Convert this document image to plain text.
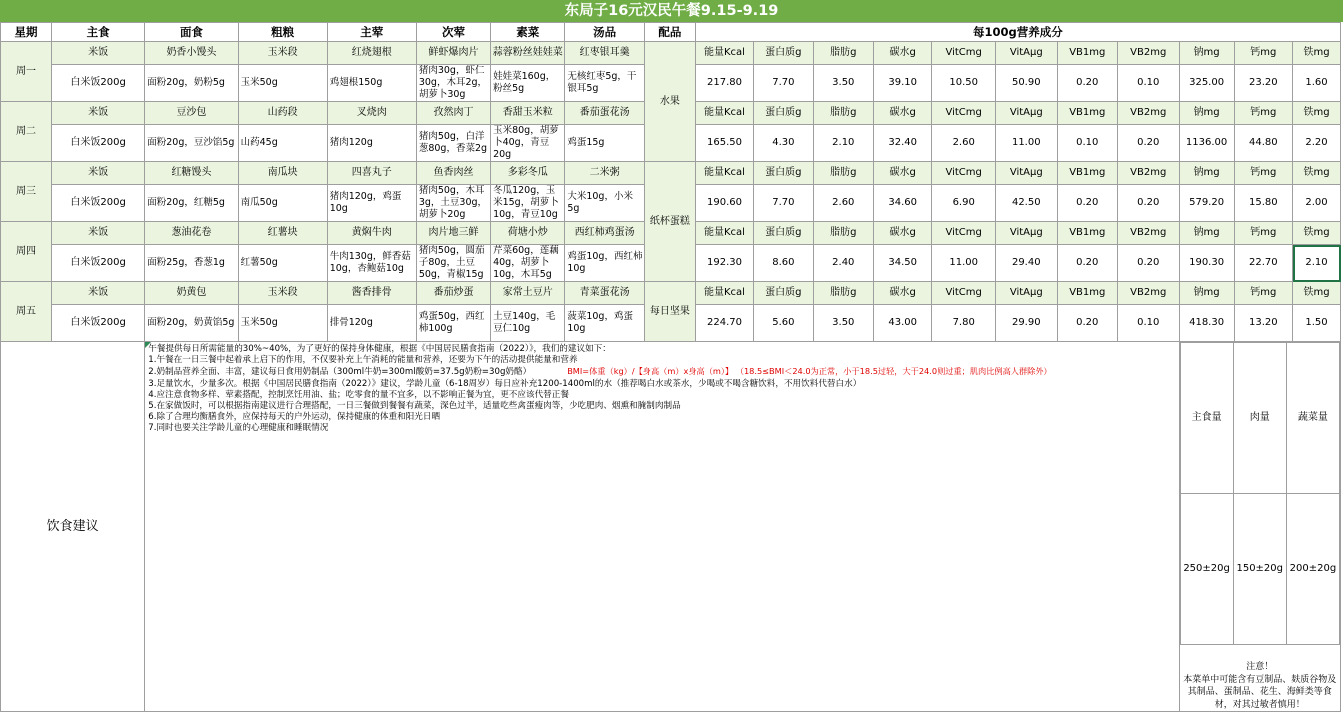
东局子16元汉民午餐9.15-9.19
星期	主食	面食	粗粮	主荤	次荤	素菜	汤品	配品	每100g营养成分
周一	米饭	奶香小馒头	玉米段	红烧翅根	鲜虾爆肉片	蒜蓉粉丝娃娃菜	红枣银耳羹	水果	能量Kcal	蛋白质g	脂肪g	碳水g	VitCmg	VitAμg	VB1mg	VB2mg	钠mg	钙mg	铁mg
白米饭200g	面粉20g，奶粉5g	玉米50g	鸡翅根150g	猪肉30g，虾仁30g，木耳2g，胡萝卜30g	娃娃菜160g，粉丝5g	无核红枣5g，干银耳5g	217.80	7.70	3.50	39.10	10.50	50.90	0.20	0.10	325.00	23.20	1.60
周二	米饭	豆沙包	山药段	叉烧肉	孜然肉丁	香甜玉米粒	番茄蛋花汤	能量Kcal	蛋白质g	脂肪g	碳水g	VitCmg	VitAμg	VB1mg	VB2mg	钠mg	钙mg	铁mg
白米饭200g	面粉20g，豆沙馅5g	山药45g	猪肉120g	猪肉50g，白洋葱80g，香菜2g	玉米80g，胡萝卜40g，青豆20g	鸡蛋15g	165.50	4.30	2.10	32.40	2.60	11.00	0.10	0.20	1136.00	44.80	2.20
周三	米饭	红糖馒头	南瓜块	四喜丸子	鱼香肉丝	多彩冬瓜	二米粥	纸杯蛋糕	能量Kcal	蛋白质g	脂肪g	碳水g	VitCmg	VitAμg	VB1mg	VB2mg	钠mg	钙mg	铁mg
白米饭200g	面粉20g，红糖5g	南瓜50g	猪肉120g，鸡蛋10g	猪肉50g，木耳3g，土豆30g，胡萝卜20g	冬瓜120g，玉米15g，胡萝卜10g，青豆10g	大米10g，小米5g	190.60	7.70	2.60	34.60	6.90	42.50	0.20	0.20	579.20	15.80	2.00
周四	米饭	葱油花卷	红薯块	黄焖牛肉	肉片地三鲜	荷塘小炒	西红柿鸡蛋汤	能量Kcal	蛋白质g	脂肪g	碳水g	VitCmg	VitAμg	VB1mg	VB2mg	钠mg	钙mg	铁mg
白米饭200g	面粉25g，香葱1g	红薯50g	牛肉130g，鲜香菇10g，杏鲍菇10g	猪肉50g，圆茄子80g，土豆50g，青椒15g	芹菜60g，莲藕40g，胡萝卜10g，木耳5g	鸡蛋10g，西红柿10g	192.30	8.60	2.40	34.50	11.00	29.40	0.20	0.20	190.30	22.70	2.10
周五	米饭	奶黄包	玉米段	酱香排骨	番茄炒蛋	家常土豆片	青菜蛋花汤	每日坚果	能量Kcal	蛋白质g	脂肪g	碳水g	VitCmg	VitAμg	VB1mg	VB2mg	钠mg	钙mg	铁mg
白米饭200g	面粉20g，奶黄馅5g	玉米50g	排骨120g	鸡蛋50g，西红柿100g	土豆140g，毛豆仁10g	菠菜10g，鸡蛋10g	224.70	5.60	3.50	43.00	7.80	29.90	0.20	0.10	418.30	13.20	1.50
饮食建议	
午餐提供每日所需能量的30%~40%，为了更好的保持身体健康，根据《中国居民膳食指南（2022）》，我们的建议如下：
1.午餐在一日三餐中起着承上启下的作用，不仅要补充上午消耗的能量和营养，还要为下午的活动提供能量和营养
2.奶制品营养全面、丰富，建议每日食用奶制品（300ml牛奶=300ml酸奶=37.5g奶粉=30g奶酪）	BMI=体重（kg）/【身高（m）x身高（m）】 （18.5≤BMI＜24.0为正常，小于18.5过轻，大于24.0则过重；肌肉比例高人群除外）
3.足量饮水，少量多次。根据《中国居民膳食指南（2022）》建议，学龄儿童（6-18周岁）每日应补充1200-1400ml的水（推荐喝白水或茶水，少喝或不喝含糖饮料，不用饮料代替白水）
4.应注意食物多样、荤素搭配，控制烹饪用油、盐；吃零食的量不宜多，以不影响正餐为宜，更不应该代替正餐
5.在家做饭时，可以根据指南建议进行合理搭配，一日三餐做到餐餐有蔬菜，深色过半，适量吃些禽蛋瘦肉等，少吃肥肉、烟熏和腌制肉制品
6.除了合理均衡膳食外，应保持每天的户外运动，保持健康的体重和阳光日晒
7.同时也要关注学龄儿童的心理健康和睡眠情况

主食量	肉量	蔬菜量
250±20g	150±20g	200±20g
注意！
本菜单中可能含有豆制品、麸质谷物及其制品、蛋制品、花生、海鲜类等食材，对其过敏者慎用！
